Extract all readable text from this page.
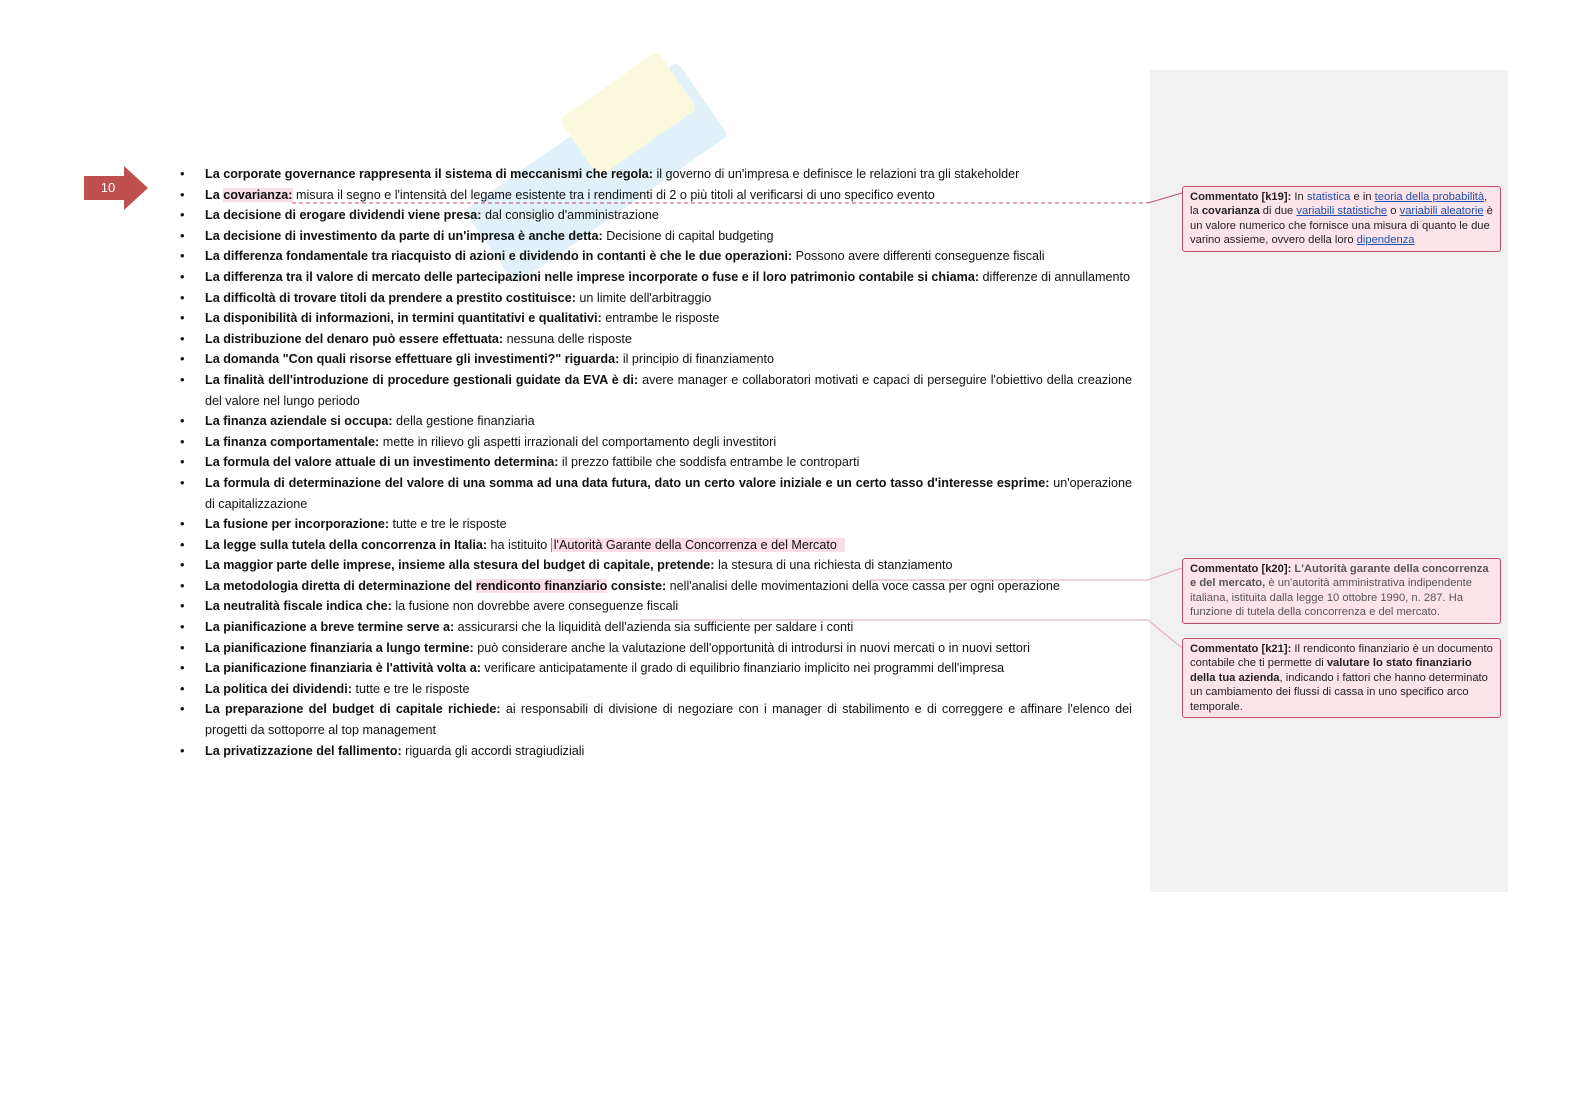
10
• La corporate governance rappresenta il sistema di meccanismi che regola: il governo di un'impresa e definisce le relazioni tra gli stakeholder
• La covarianza: misura il segno e l'intensità del legame esistente tra i rendimenti di 2 o più titoli al verificarsi di uno specifico evento
• La decisione di erogare dividendi viene presa: dal consiglio d'amministrazione
• La decisione di investimento da parte di un'impresa è anche detta: Decisione di capital budgeting
• La differenza fondamentale tra riacquisto di azioni e dividendo in contanti è che le due operazioni: Possono avere differenti conseguenze fiscali
• La differenza tra il valore di mercato delle partecipazioni nelle imprese incorporate o fuse e il loro patrimonio contabile si chiama: differenze di annullamento
• La difficoltà di trovare titoli da prendere a prestito costituisce: un limite dell'arbitraggio
• La disponibilità di informazioni, in termini quantitativi e qualitativi: entrambe le risposte
• La distribuzione del denaro può essere effettuata: nessuna delle risposte
• La domanda "Con quali risorse effettuare gli investimenti?" riguarda: il principio di finanziamento
• La finalità dell'introduzione di procedure gestionali guidate da EVA è di: avere manager e collaboratori motivati e capaci di perseguire l'obiettivo della creazione del valore nel lungo periodo
• La finanza aziendale si occupa: della gestione finanziaria
• La finanza comportamentale: mette in rilievo gli aspetti irrazionali del comportamento degli investitori
• La formula del valore attuale di un investimento determina: il prezzo fattibile che soddisfa entrambe le controparti
• La formula di determinazione del valore di una somma ad una data futura, dato un certo valore iniziale e un certo tasso d'interesse esprime: un'operazione di capitalizzazione
• La fusione per incorporazione: tutte e tre le risposte
• La legge sulla tutela della concorrenza in Italia: ha istituito l'Autorità Garante della Concorrenza e del Mercato
• La maggior parte delle imprese, insieme alla stesura del budget di capitale, pretende: la stesura di una richiesta di stanziamento
• La metodologia diretta di determinazione del rendiconto finanziario consiste: nell'analisi delle movimentazioni della voce cassa per ogni operazione
• La neutralità fiscale indica che: la fusione non dovrebbe avere conseguenze fiscali
• La pianificazione a breve termine serve a: assicurarsi che la liquidità dell'azienda sia sufficiente per saldare i conti
• La pianificazione finanziaria a lungo termine: può considerare anche la valutazione dell'opportunità di introdursi in nuovi mercati o in nuovi settori
• La pianificazione finanziaria è l'attività volta a: verificare anticipatamente il grado di equilibrio finanziario implicito nei programmi dell'impresa
• La politica dei dividendi: tutte e tre le risposte
• La preparazione del budget di capitale richiede: ai responsabili di divisione di negoziare con i manager di stabilimento e di correggere e affinare l'elenco dei progetti da sottoporre al top management
• La privatizzazione del fallimento: riguarda gli accordi stragiudiziali
Commentato [k19]: In statistica e in teoria della probabilità, la covarianza di due variabili statistiche o variabili aleatorie è un valore numerico che fornisce una misura di quanto le due varino assieme, ovvero della loro dipendenza
Commentato [k20]: L'Autorità garante della concorrenza e del mercato, è un'autorità amministrativa indipendente italiana, istituita dalla legge 10 ottobre 1990, n. 287. Ha funzione di tutela della concorrenza e del mercato.
Commentato [k21]: Il rendiconto finanziario è un documento contabile che ti permette di valutare lo stato finanziario della tua azienda, indicando i fattori che hanno determinato un cambiamento dei flussi di cassa in uno specifico arco temporale.
